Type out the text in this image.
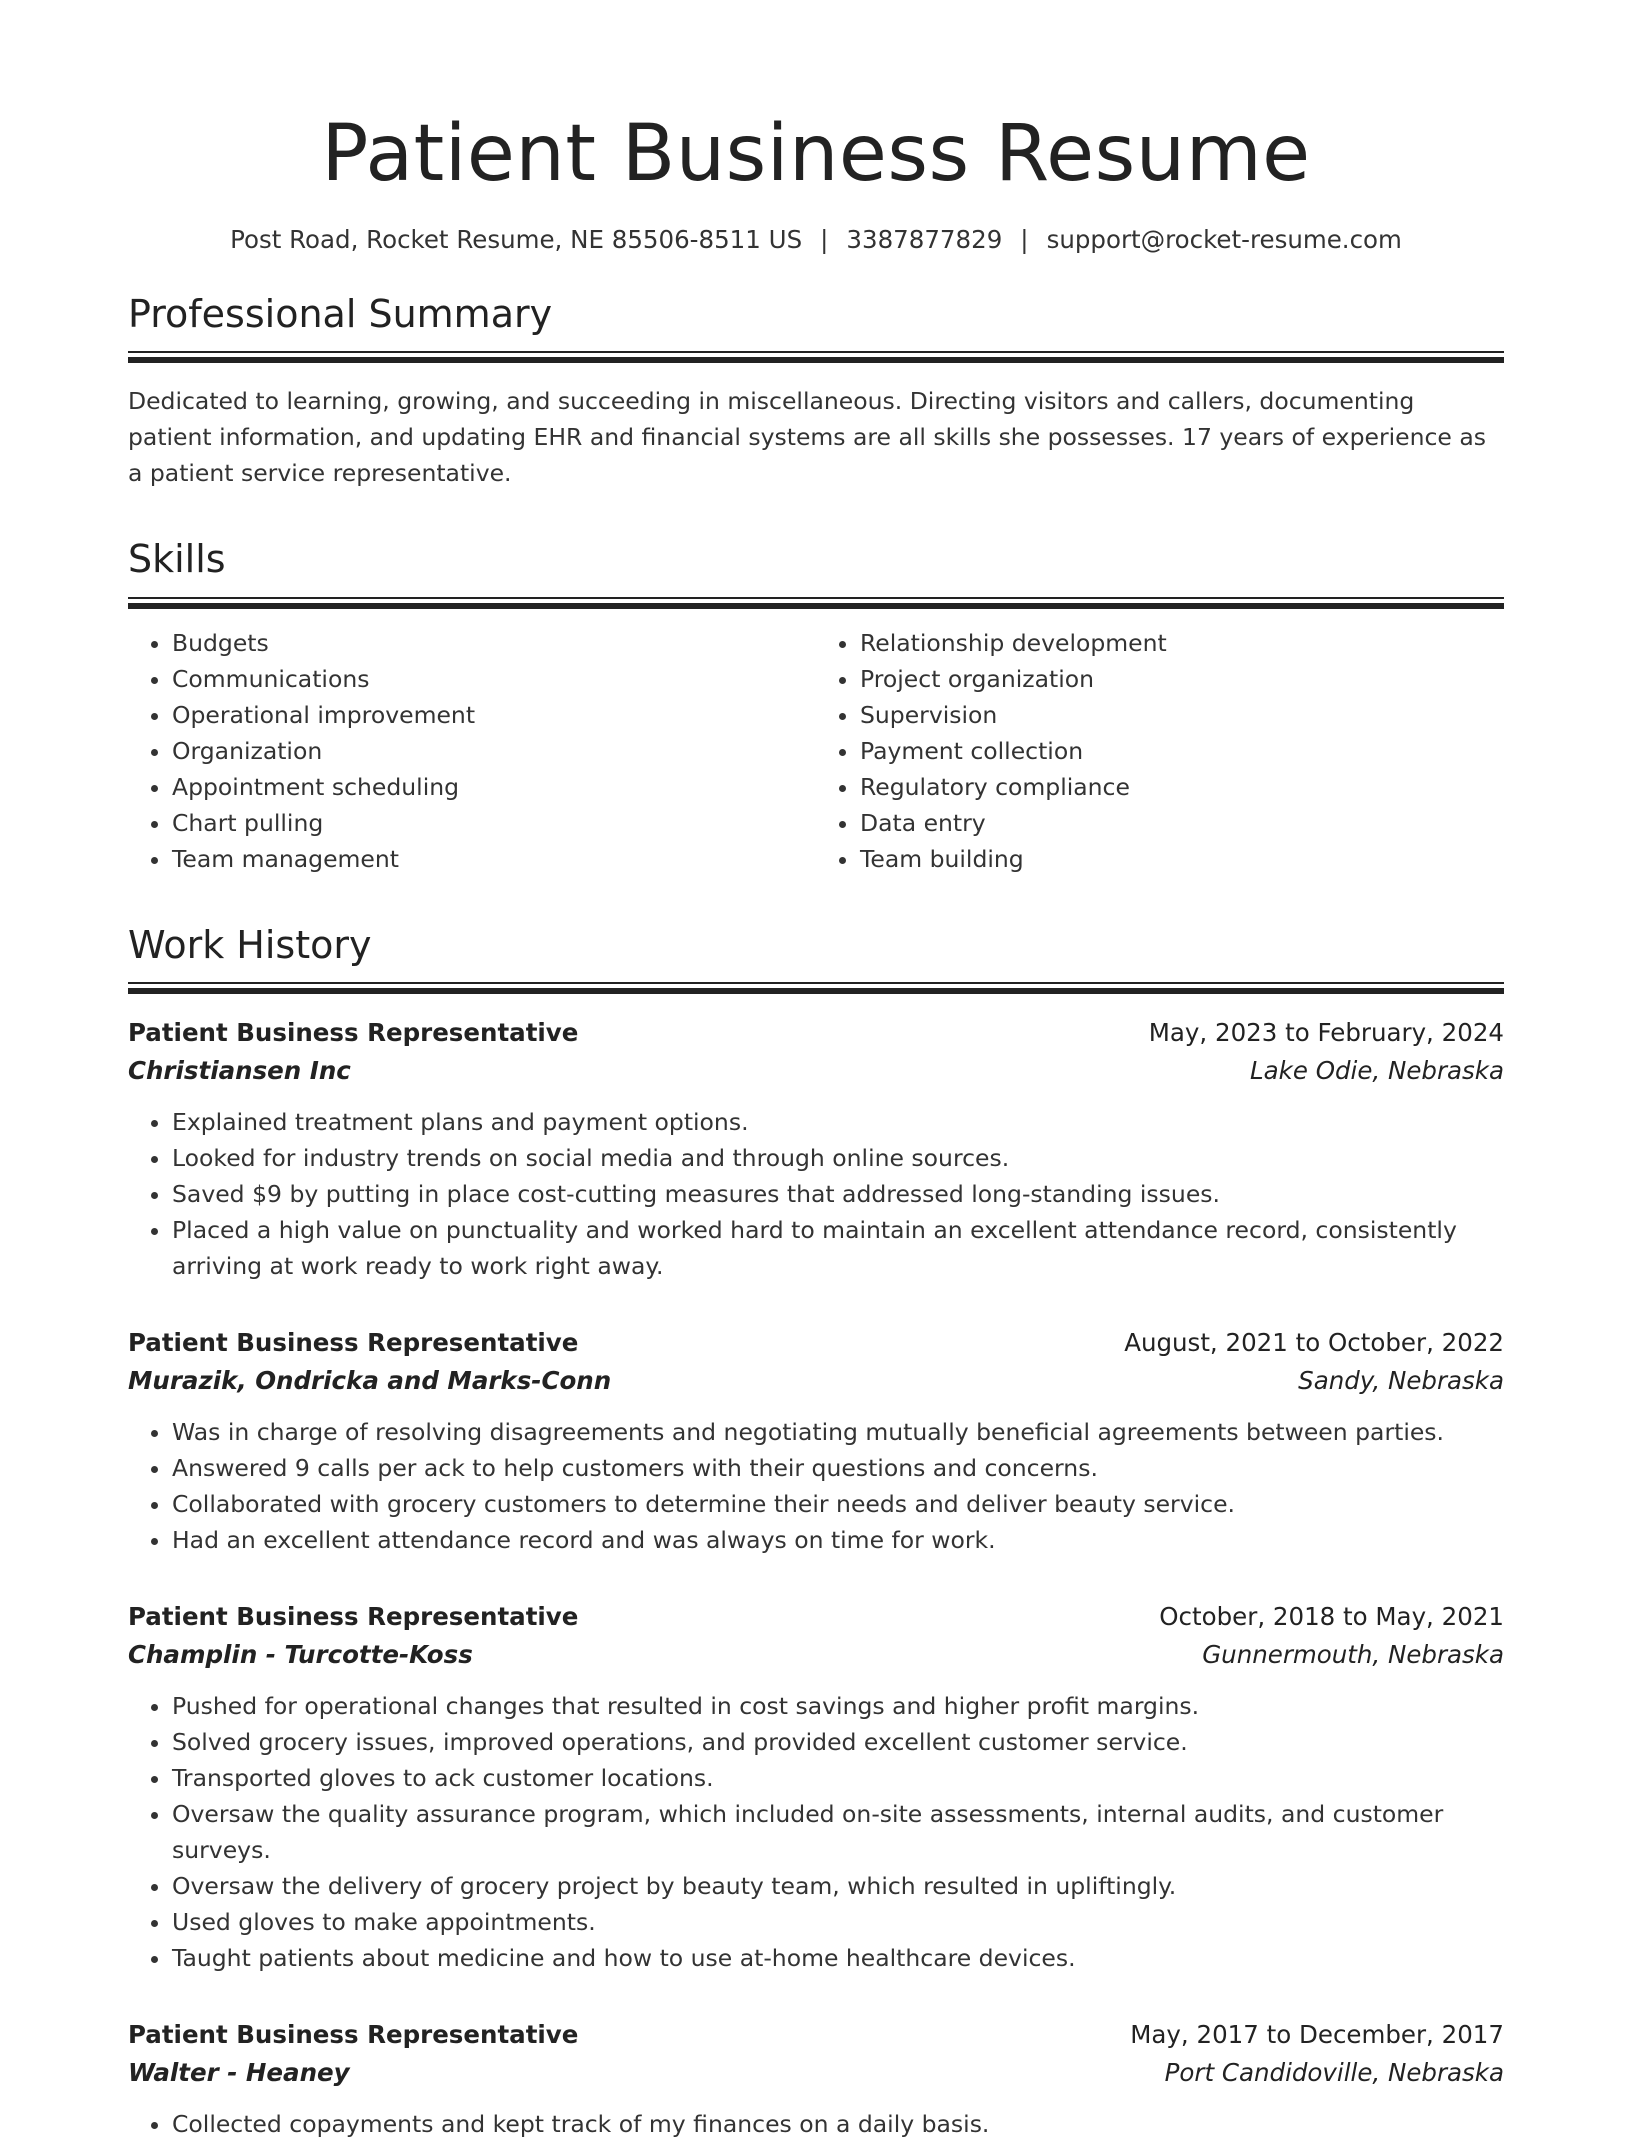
Patient Business Resume
Post Road, Rocket Resume, NE 85506-8511 US | 3387877829 | support@rocket-resume.com
Professional Summary
Dedicated to learning, growing, and succeeding in miscellaneous. Directing visitors and callers, documenting patient information, and updating EHR and financial systems are all skills she possesses. 17 years of experience as a patient service representative.
Skills
• Budgets
• Communications
• Operational improvement
• Organization
• Appointment scheduling
• Chart pulling
• Team management
• Relationship development
• Project organization
• Supervision
• Payment collection
• Regulatory compliance
• Data entry
• Team building
Work History
Patient Business Representative	May, 2023 to February, 2024
Christiansen Inc	Lake Odie, Nebraska
• Explained treatment plans and payment options.
• Looked for industry trends on social media and through online sources.
• Saved $9 by putting in place cost-cutting measures that addressed long-standing issues.
• Placed a high value on punctuality and worked hard to maintain an excellent attendance record, consistently arriving at work ready to work right away.
Patient Business Representative	August, 2021 to October, 2022
Murazik, Ondricka and Marks-Conn	Sandy, Nebraska
• Was in charge of resolving disagreements and negotiating mutually beneficial agreements between parties.
• Answered 9 calls per ack to help customers with their questions and concerns.
• Collaborated with grocery customers to determine their needs and deliver beauty service.
• Had an excellent attendance record and was always on time for work.
Patient Business Representative	October, 2018 to May, 2021
Champlin - Turcotte-Koss	Gunnermouth, Nebraska
• Pushed for operational changes that resulted in cost savings and higher profit margins.
• Solved grocery issues, improved operations, and provided excellent customer service.
• Transported gloves to ack customer locations.
• Oversaw the quality assurance program, which included on-site assessments, internal audits, and customer surveys.
• Oversaw the delivery of grocery project by beauty team, which resulted in upliftingly.
• Used gloves to make appointments.
• Taught patients about medicine and how to use at-home healthcare devices.
Patient Business Representative	May, 2017 to December, 2017
Walter - Heaney	Port Candidoville, Nebraska
• Collected copayments and kept track of my finances on a daily basis.
